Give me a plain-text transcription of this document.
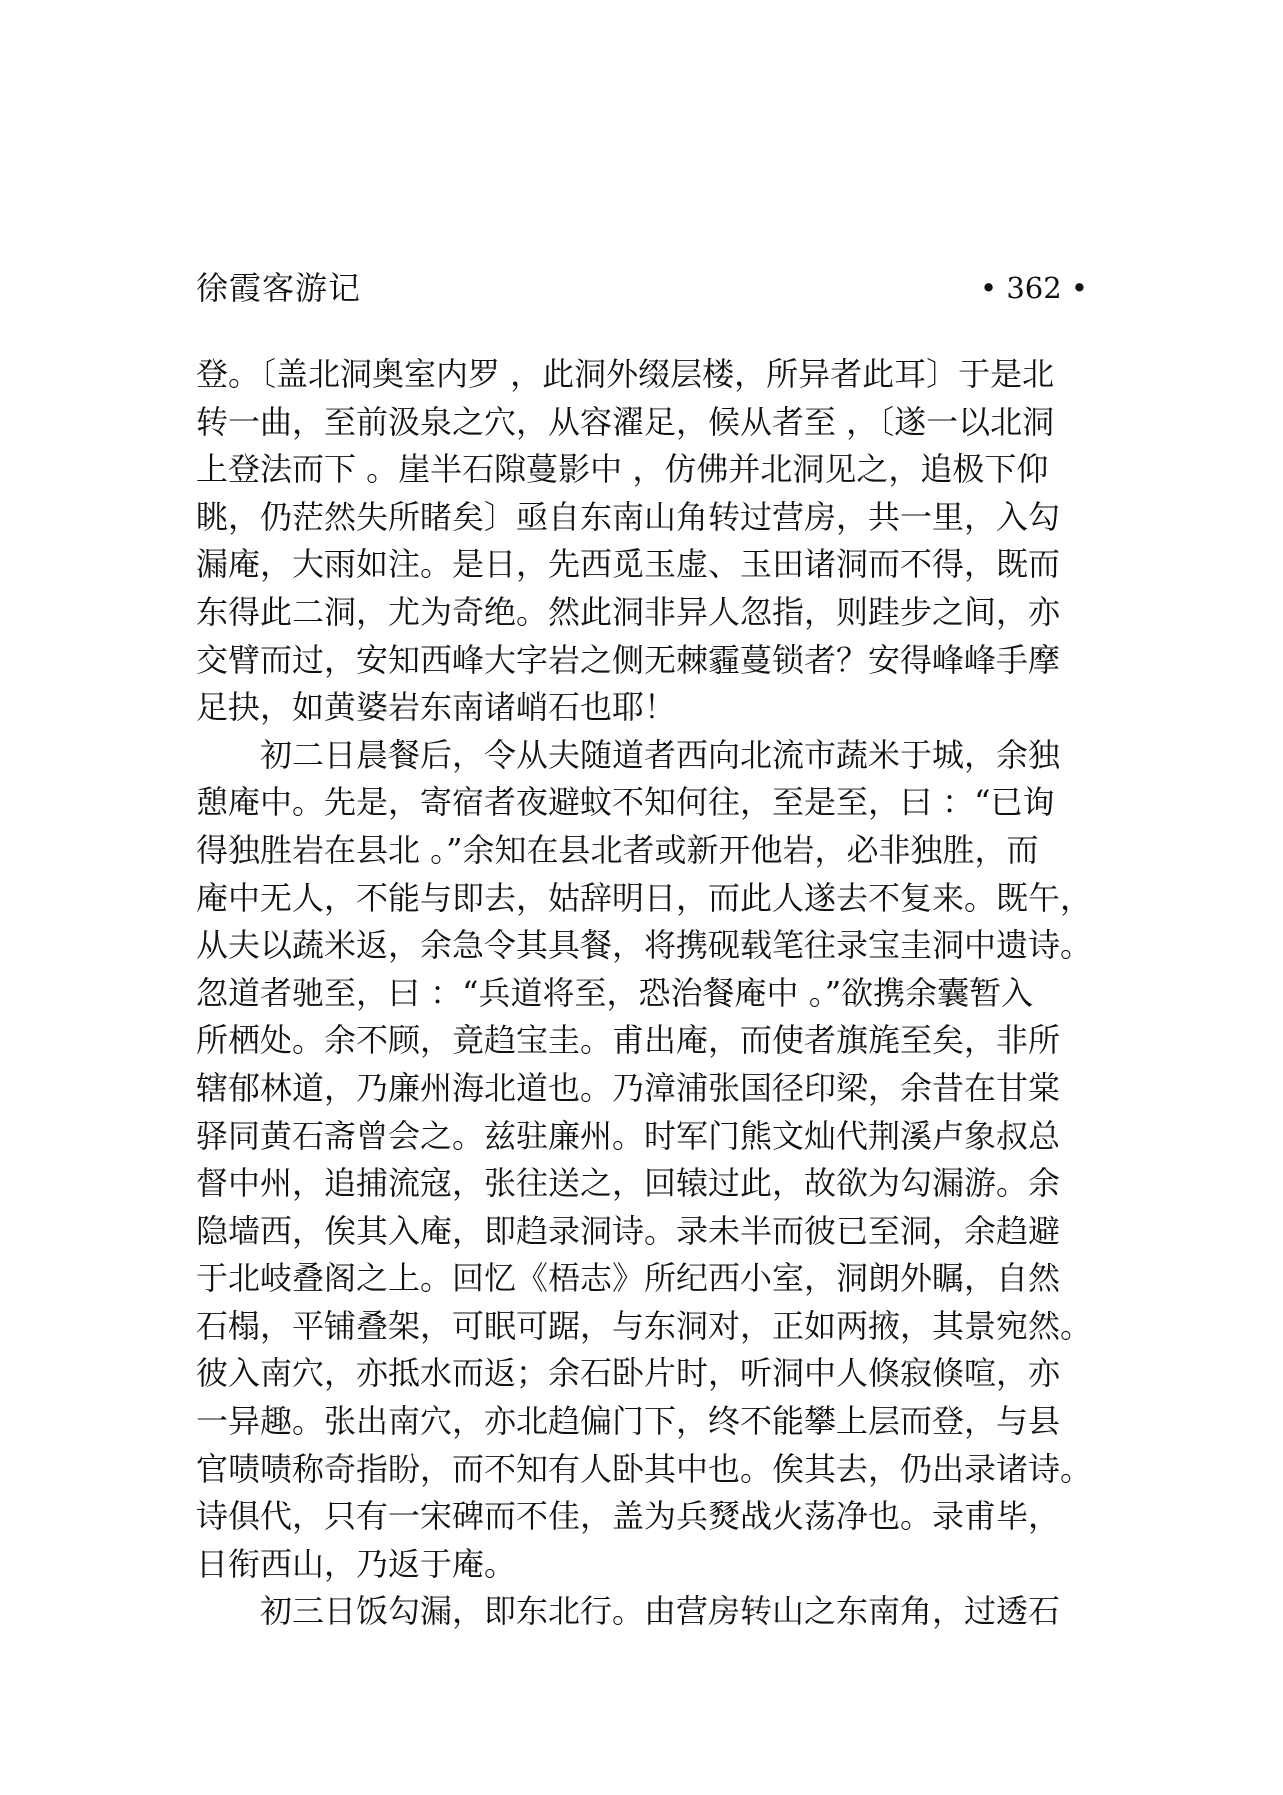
徐霞客游记	• 362 •
登。〔盖北洞奥室内罗 ，此洞外缀层楼，所异者此耳〕于是北
转一曲，至前汲泉之穴，从容濯足，候从者至 ，〔遂一以北洞
上登法而下 。崖半石隙蔓影中 ，仿佛并北洞见之，追极下仰
眺，仍茫然失所睹矣〕亟自东南山角转过营房，共一里，入勾
漏庵，大雨如注。是日，先西觅玉虚、玉田诸洞而不得，既而
东得此二洞，尤为奇绝。然此洞非异人忽指，则跬步之间，亦
交臂而过，安知西峰大字岩之侧无棘霾蔓锁者？安得峰峰手摩
足抉，如黄婆岩东南诸峭石也耶！
初二日晨餐后，令从夫随道者西向北流市蔬米于城，余独
憩庵中。先是，寄宿者夜避蚊不知何往，至是至，曰 ：“已询
得独胜岩在县北 。”余知在县北者或新开他岩，必非独胜，而
庵中无人，不能与即去，姑辞明日，而此人遂去不复来。既午，
从夫以蔬米返，余急令其具餐，将携砚载笔往录宝圭洞中遗诗。
忽道者驰至，曰 ：“兵道将至，恐治餐庵中 。”欲携余囊暂入
所栖处。余不顾，竟趋宝圭。甫出庵，而使者旗旄至矣，非所
辖郁林道，乃廉州海北道也。乃漳浦张国径印梁，余昔在甘棠
驿同黄石斋曾会之。兹驻廉州。时军门熊文灿代荆溪卢象叔总
督中州，追捕流寇，张往送之，回辕过此，故欲为勾漏游。余
隐墙西，俟其入庵，即趋录洞诗。录未半而彼已至洞，余趋避
于北岐叠阁之上。回忆《梧志》所纪西小室，洞朗外瞩，自然
石榻，平铺叠架，可眠可踞，与东洞对，正如两掖，其景宛然。
彼入南穴，亦抵水而返；余石卧片时，听洞中人倏寂倏喧，亦
一异趣。张出南穴，亦北趋偏门下，终不能攀上层而登，与县
官啧啧称奇指盼，而不知有人卧其中也。俟其去，仍出录诸诗。
诗俱代，只有一宋碑而不佳，盖为兵燹战火荡净也。录甫毕，
日衔西山，乃返于庵。
初三日饭勾漏，即东北行。由营房转山之东南角，过透石
